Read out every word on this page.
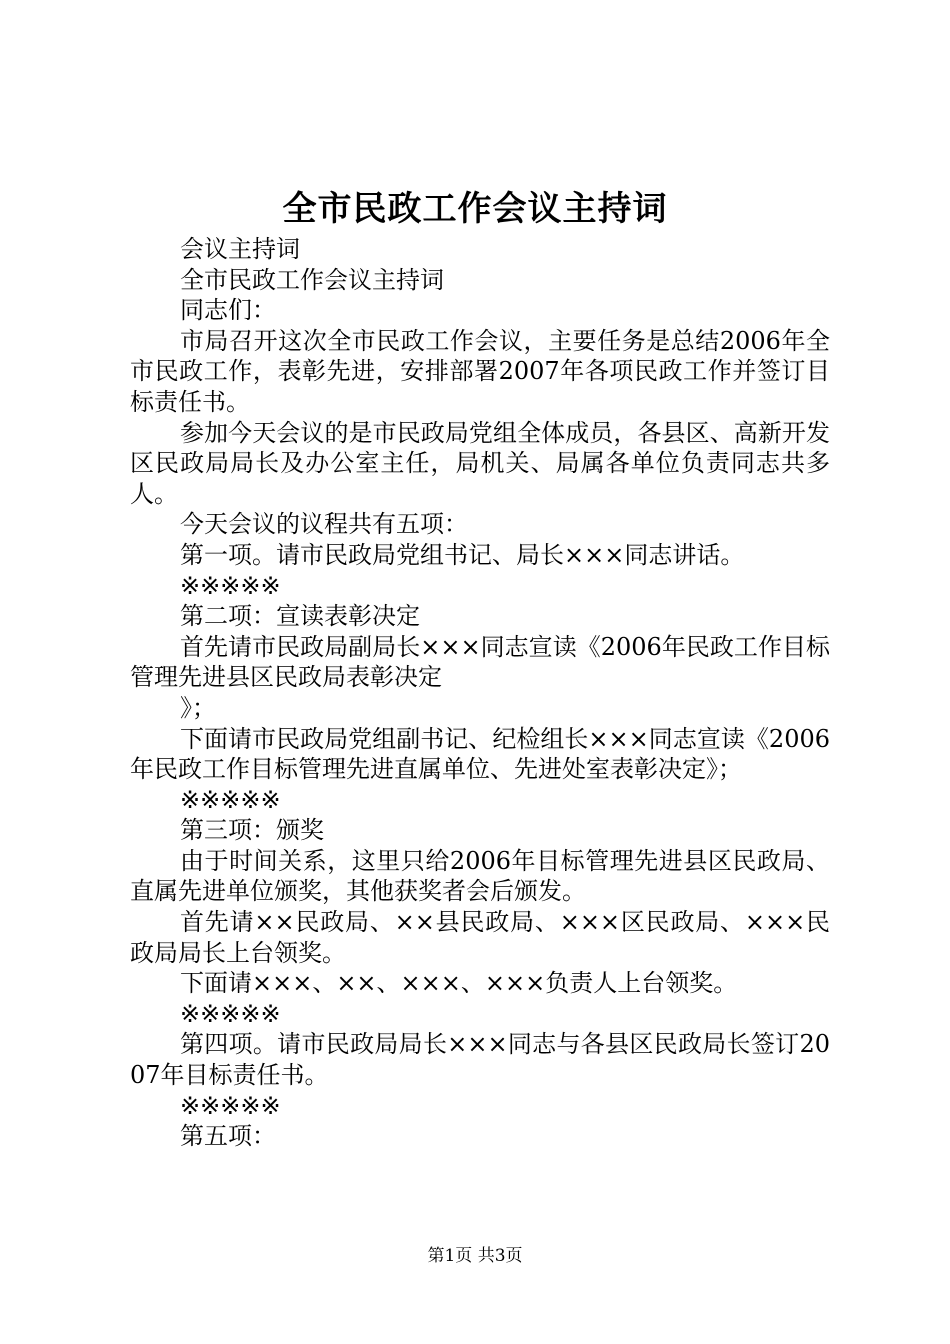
全市民政工作会议主持词

会议主持词

全市民政工作会议主持词

同志们：

市局召开这次全市民政工作会议，主要任务是总结2006年全市民政工作，表彰先进，安排部署2007年各项民政工作并签订目标责任书。

参加今天会议的是市民政局党组全体成员，各县区、高新开发区民政局局长及办公室主任，局机关、局属各单位负责同志共多人。

今天会议的议程共有五项：

第一项。请市民政局党组书记、局长×××同志讲话。

※※※※※

第二项：宣读表彰决定

首先请市民政局副局长×××同志宣读《2006年民政工作目标管理先进县区民政局表彰决定

》；

下面请市民政局党组副书记、纪检组长×××同志宣读《2006年民政工作目标管理先进直属单位、先进处室表彰决定》；

※※※※※

第三项：颁奖

由于时间关系，这里只给2006年目标管理先进县区民政局、直属先进单位颁奖，其他获奖者会后颁发。

首先请××民政局、××县民政局、×××区民政局、×××民政局局长上台领奖。

下面请×××、××、×××、×××负责人上台领奖。

※※※※※

第四项。请市民政局局长×××同志与各县区民政局长签订2007年目标责任书。

※※※※※

第五项：

第1页 共3页
